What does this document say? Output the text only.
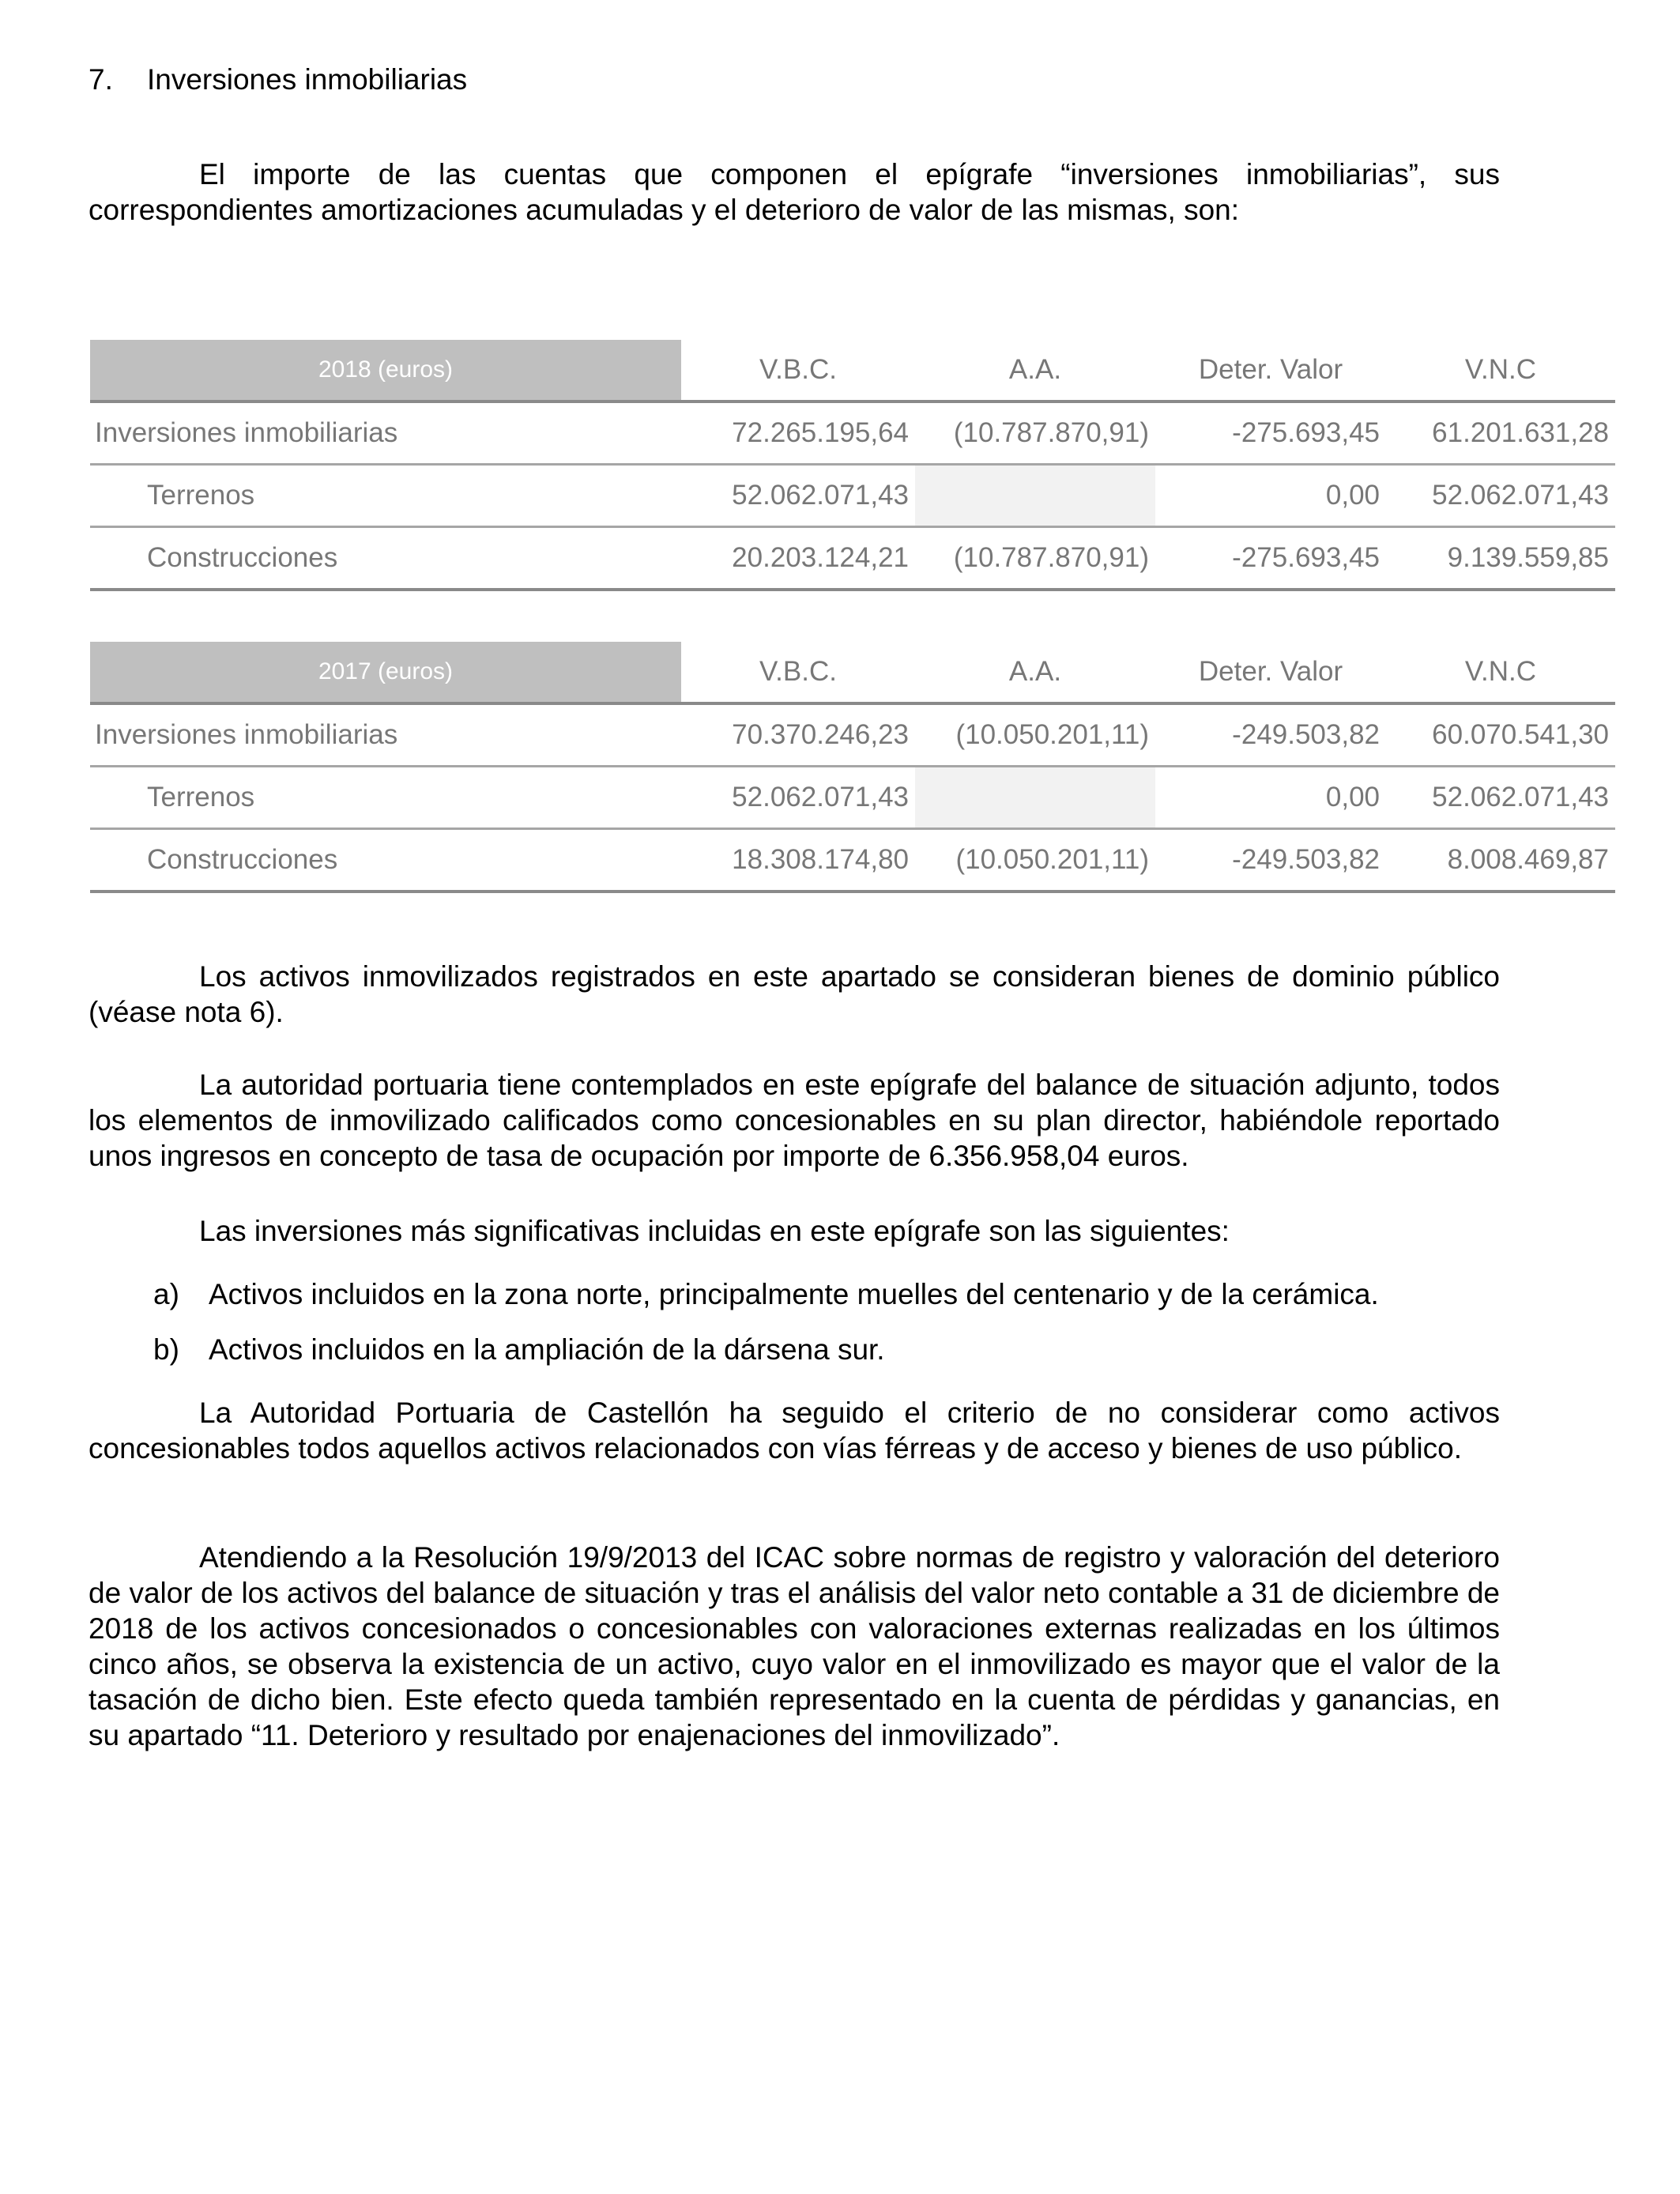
7. Inversiones inmobiliarias

El importe de las cuentas que componen el epígrafe “inversiones inmobiliarias”, sus correspondientes amortizaciones acumuladas y el deterioro de valor de las mismas, son:

2018 (euros)	V.B.C.	A.A.	Deter. Valor	V.N.C
Inversiones inmobiliarias	72.265.195,64	(10.787.870,91)	-275.693,45	61.201.631,28
Terrenos	52.062.071,43		0,00	52.062.071,43
Construcciones	20.203.124,21	(10.787.870,91)	-275.693,45	9.139.559,85
2017 (euros)	V.B.C.	A.A.	Deter. Valor	V.N.C
Inversiones inmobiliarias	70.370.246,23	(10.050.201,11)	-249.503,82	60.070.541,30
Terrenos	52.062.071,43		0,00	52.062.071,43
Construcciones	18.308.174,80	(10.050.201,11)	-249.503,82	8.008.469,87

Los activos inmovilizados registrados en este apartado se consideran bienes de dominio público (véase nota 6).

La autoridad portuaria tiene contemplados en este epígrafe del balance de situación adjunto, todos los elementos de inmovilizado calificados como concesionables en su plan director, habiéndole reportado unos ingresos en concepto de tasa de ocupación por importe de 6.356.958,04 euros.

Las inversiones más significativas incluidas en este epígrafe son las siguientes:

a) Activos incluidos en la zona norte, principalmente muelles del centenario y de la cerámica.
b) Activos incluidos en la ampliación de la dársena sur.

La Autoridad Portuaria de Castellón ha seguido el criterio de no considerar como activos concesionables todos aquellos activos relacionados con vías férreas y de acceso y bienes de uso público.

Atendiendo a la Resolución 19/9/2013 del ICAC sobre normas de registro y valoración del deterioro de valor de los activos del balance de situación y tras el análisis del valor neto contable a 31 de diciembre de 2018 de los activos concesionados o concesionables con valoraciones externas realizadas en los últimos cinco años, se observa la existencia de un activo, cuyo valor en el inmovilizado es mayor que el valor de la tasación de dicho bien. Este efecto queda también representado en la cuenta de pérdidas y ganancias, en su apartado “11. Deterioro y resultado por enajenaciones del inmovilizado”.
